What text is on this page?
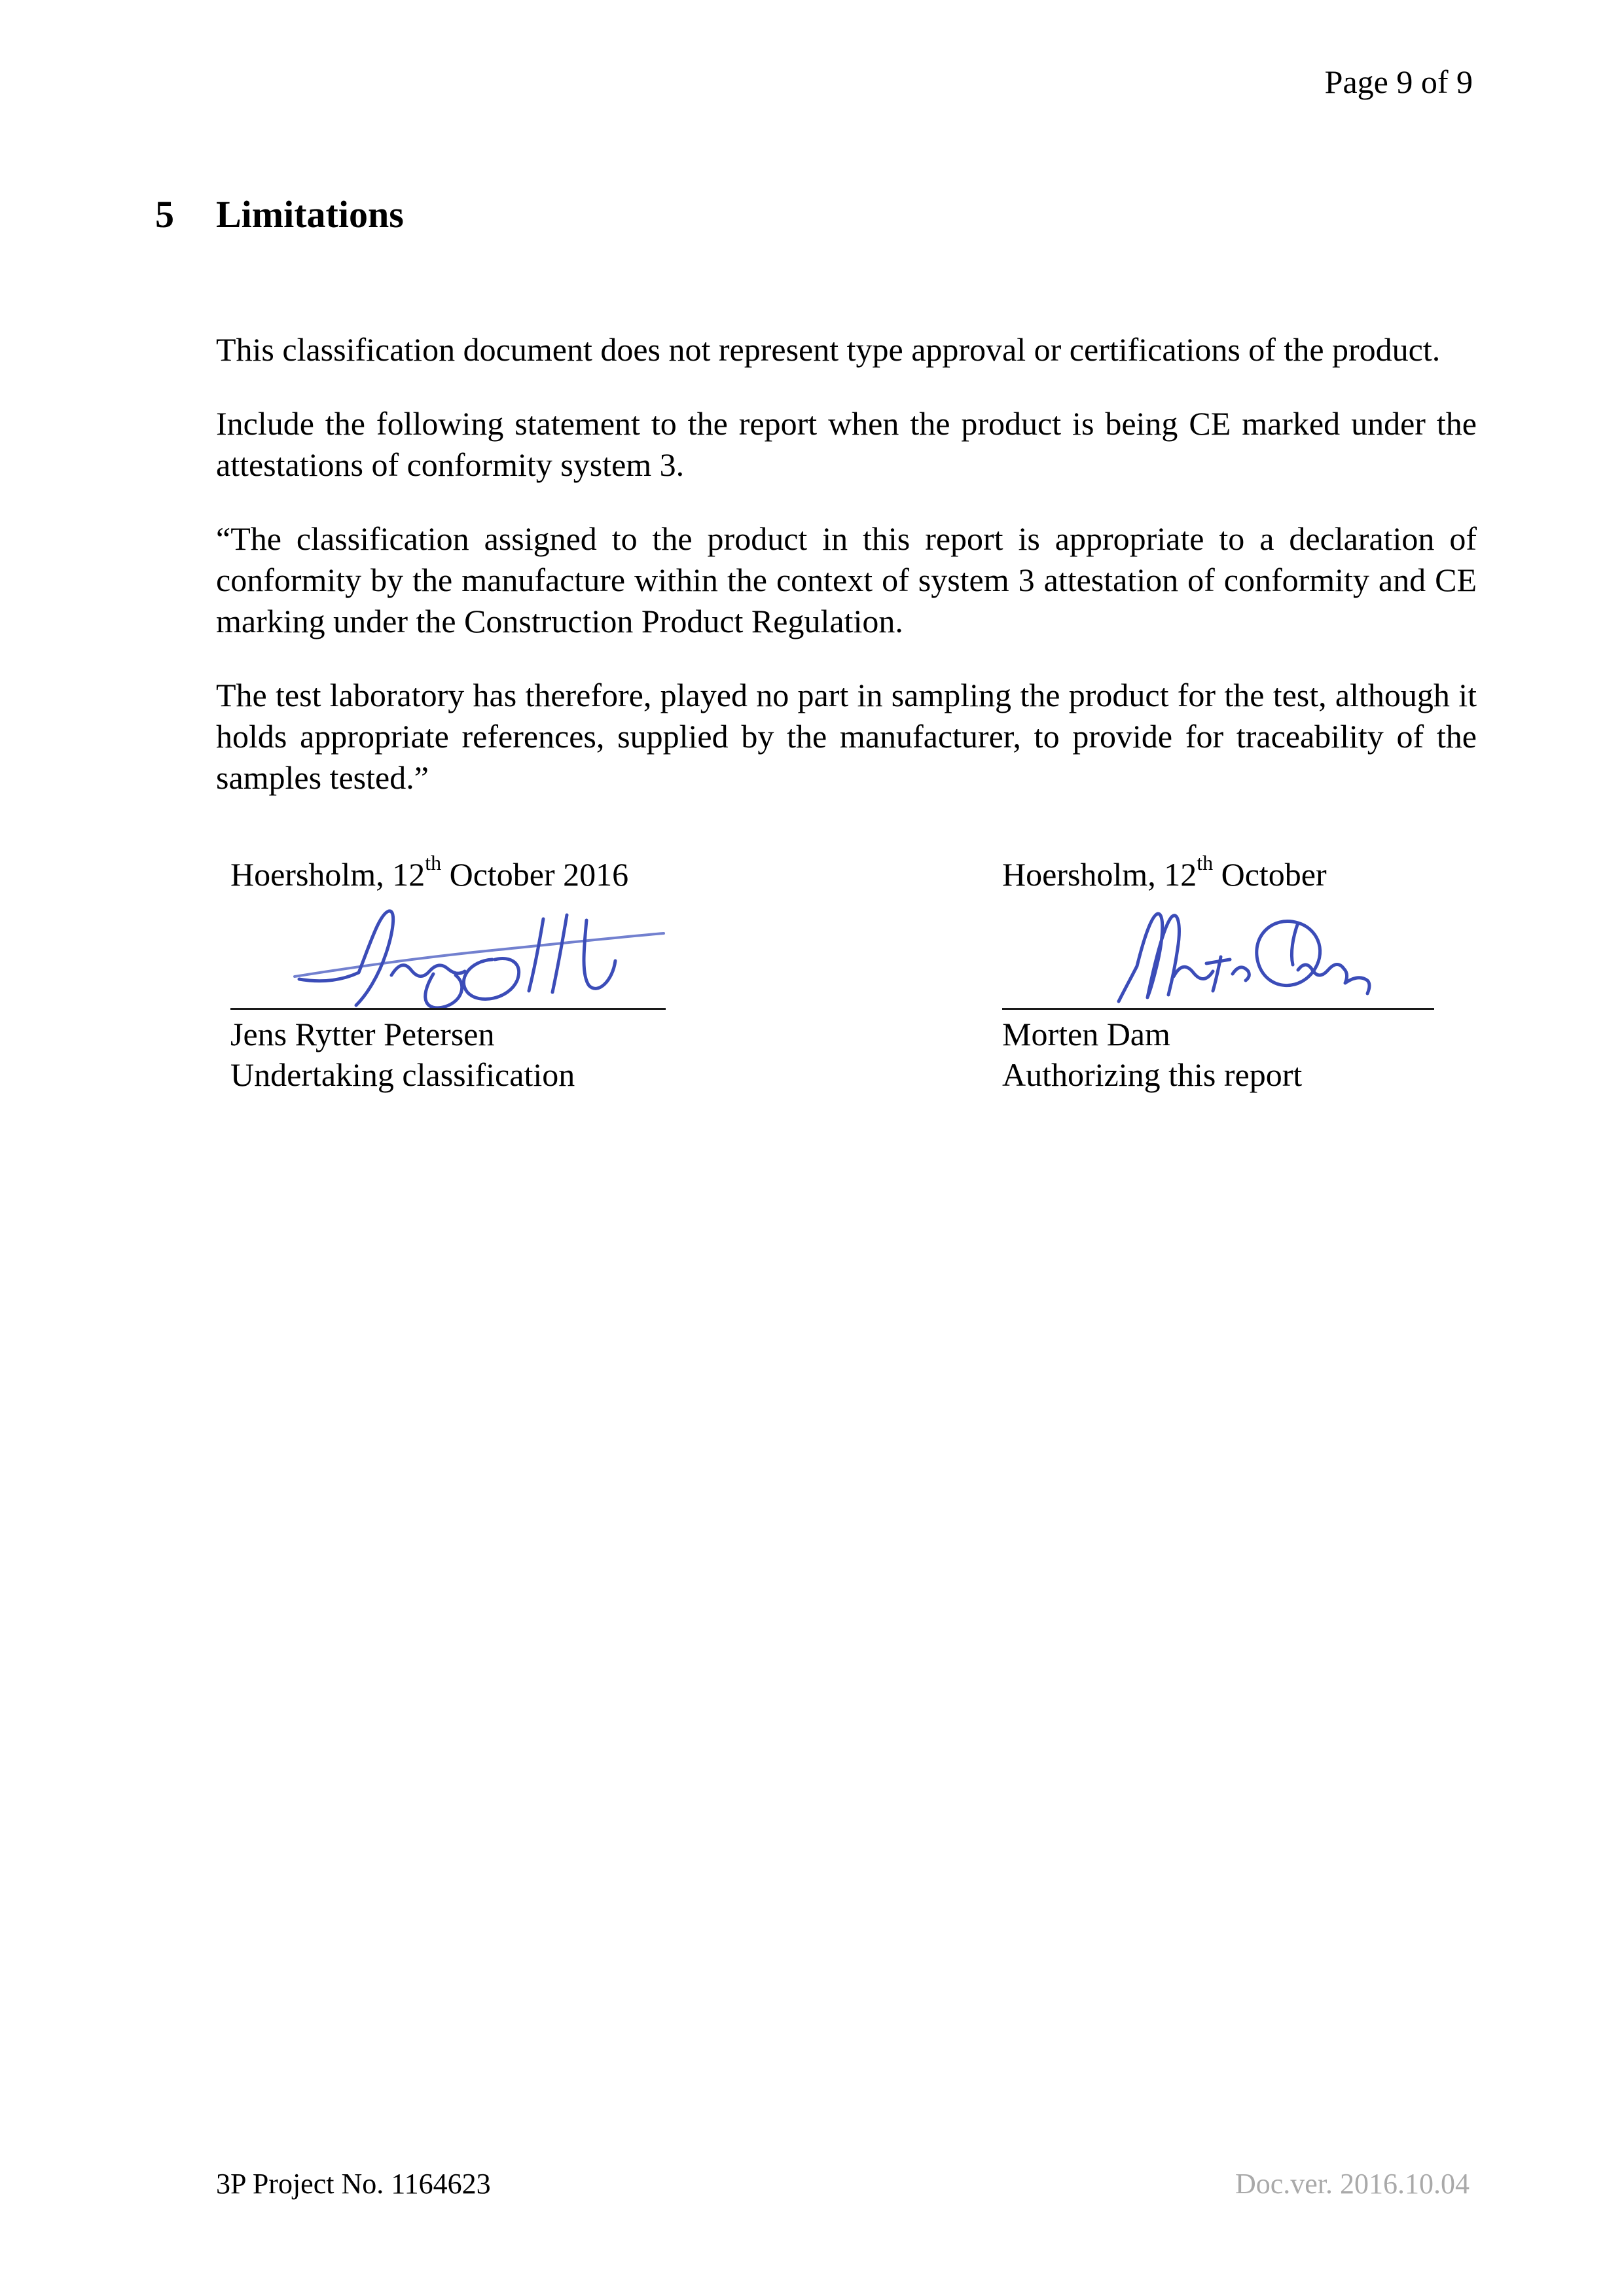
Page 9 of 9
5 Limitations

This classification document does not represent type approval or certifications of the product.

Include the following statement to the report when the product is being CE marked under the attestations of conformity system 3.

“The classification assigned to the product in this report is appropriate to a declaration of conformity by the manufacture within the context of system 3 attestation of conformity and CE marking under the Construction Product Regulation.

The test laboratory has therefore, played no part in sampling the product for the test, although it holds appropriate references, supplied by the manufacturer, to provide for traceability of the samples tested.”

Hoersholm, 12th October 2016
Jens Rytter Petersen
Undertaking classification
Hoersholm, 12th October
Morten Dam
Authorizing this report
3P Project No. 1164623	Doc.ver. 2016.10.04
